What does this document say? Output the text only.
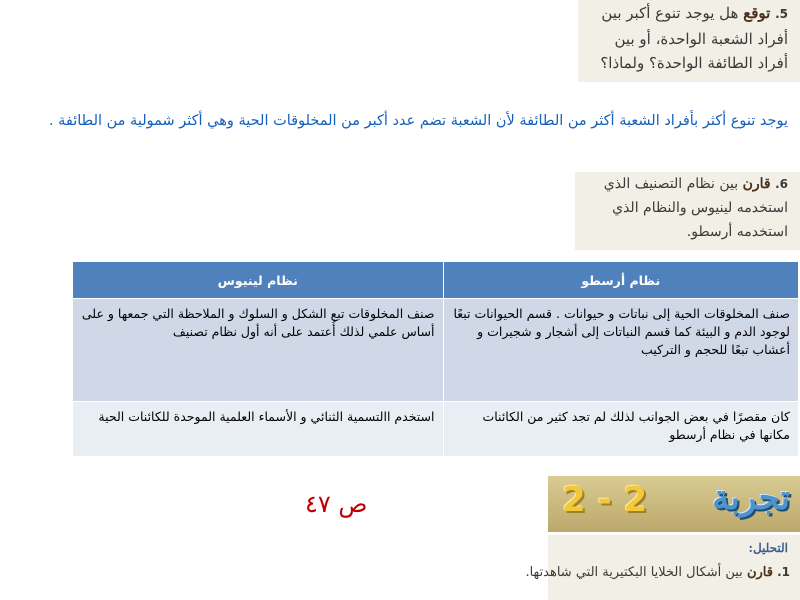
5. توقع هل يوجد تنوع أكبر بين
أفراد الشعبة الواحدة، أو بين
أفراد الطائفة الواحدة؟ ولماذا؟
يوجد تنوع أكثر بأفراد الشعبة أكثر من الطائفة لأن الشعبة تضم عدد أكبر من المخلوقات الحية وهي أكثر شمولية من الطائفة .
6. قارن بين نظام التصنيف الذي
استخدمه لينيوس والنظام الذي
استخدمه أرسطو.
نظام أرسطو	نظام لينيوس
صنف المخلوقات الحية إلى نباتات و حيوانات . قسم الحيوانات تبعًا لوجود الدم و البيئة كما قسم النباتات إلى أشجار و شجيرات و أعشاب تبعًا للحجم و التركيب	صنف المخلوقات تبع الشكل و السلوك و الملاحظة التي جمعها و على أساس علمي لذلك أُعتمد على أنه أول نظام تصنيف
كان مقصرًا في بعض الجوانب لذلك لم تجد كثير من الكائنات مكانها في نظام أرسطو	استخدم االتسمية الثنائي و الأسماء العلمية الموحدة للكائنات الحية
ص ٤٧	2 - 2 تجربة
التحليل:
1. قارن بين أشكال الخلايا البكتيرية التي شاهدتها.
